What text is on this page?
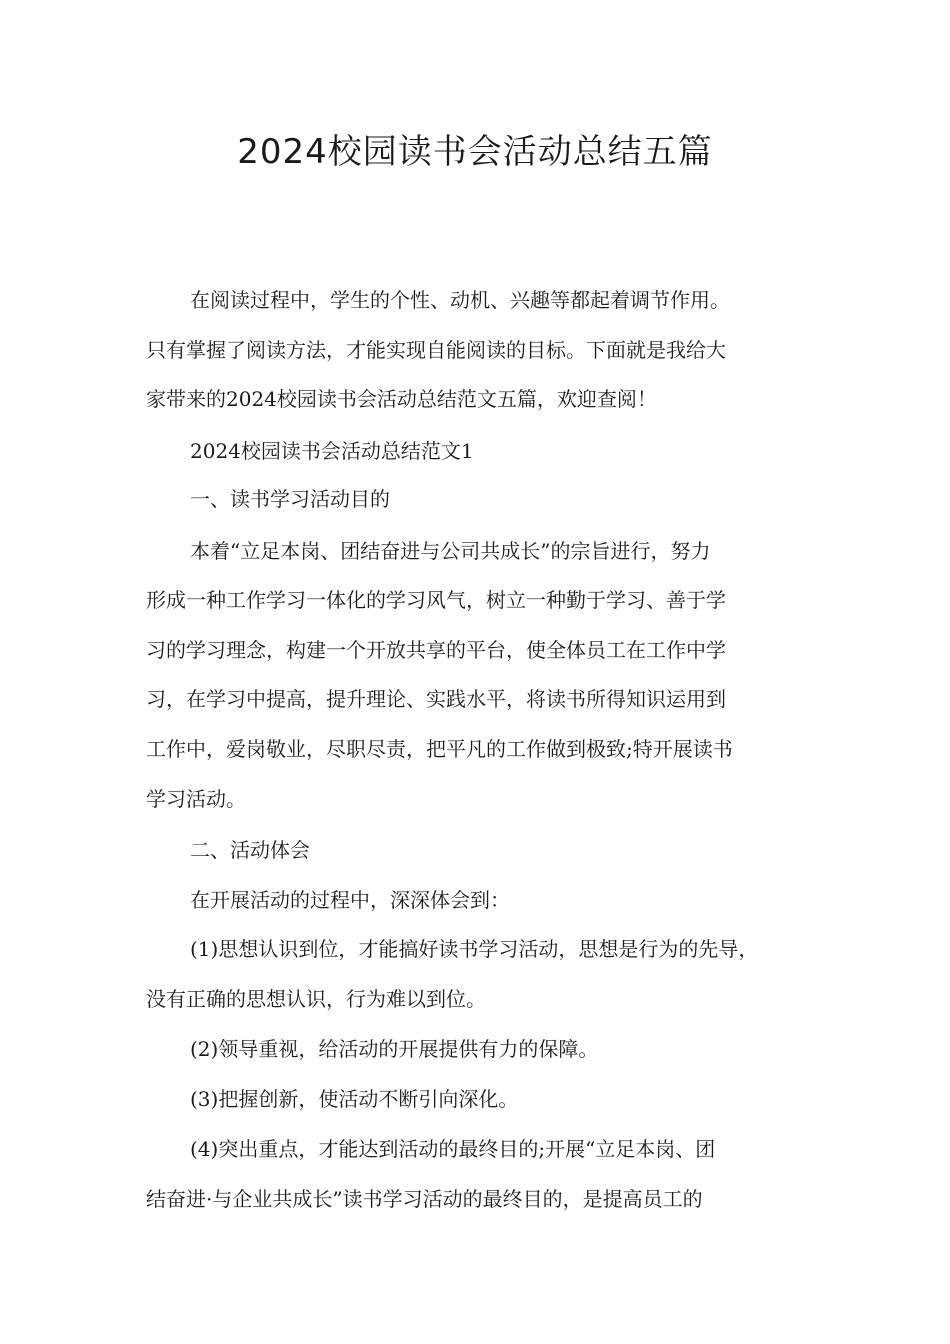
2024校园读书会活动总结五篇

在阅读过程中，学生的个性、动机、兴趣等都起着调节作用。

只有掌握了阅读方法，才能实现自能阅读的目标。下面就是我给大

家带来的2024校园读书会活动总结范文五篇，欢迎查阅！

2024校园读书会活动总结范文1

一、读书学习活动目的

本着“立足本岗、团结奋进与公司共成长”的宗旨进行，努力

形成一种工作学习一体化的学习风气，树立一种勤于学习、善于学

习的学习理念，构建一个开放共享的平台，使全体员工在工作中学

习，在学习中提高，提升理论、实践水平，将读书所得知识运用到

工作中，爱岗敬业，尽职尽责，把平凡的工作做到极致;特开展读书

学习活动。

二、活动体会

在开展活动的过程中，深深体会到：

(1)思想认识到位，才能搞好读书学习活动，思想是行为的先导，

没有正确的思想认识，行为难以到位。

(2)领导重视，给活动的开展提供有力的保障。

(3)把握创新，使活动不断引向深化。

(4)突出重点，才能达到活动的最终目的;开展“立足本岗、团

结奋进·与企业共成长”读书学习活动的最终目的，是提高员工的
